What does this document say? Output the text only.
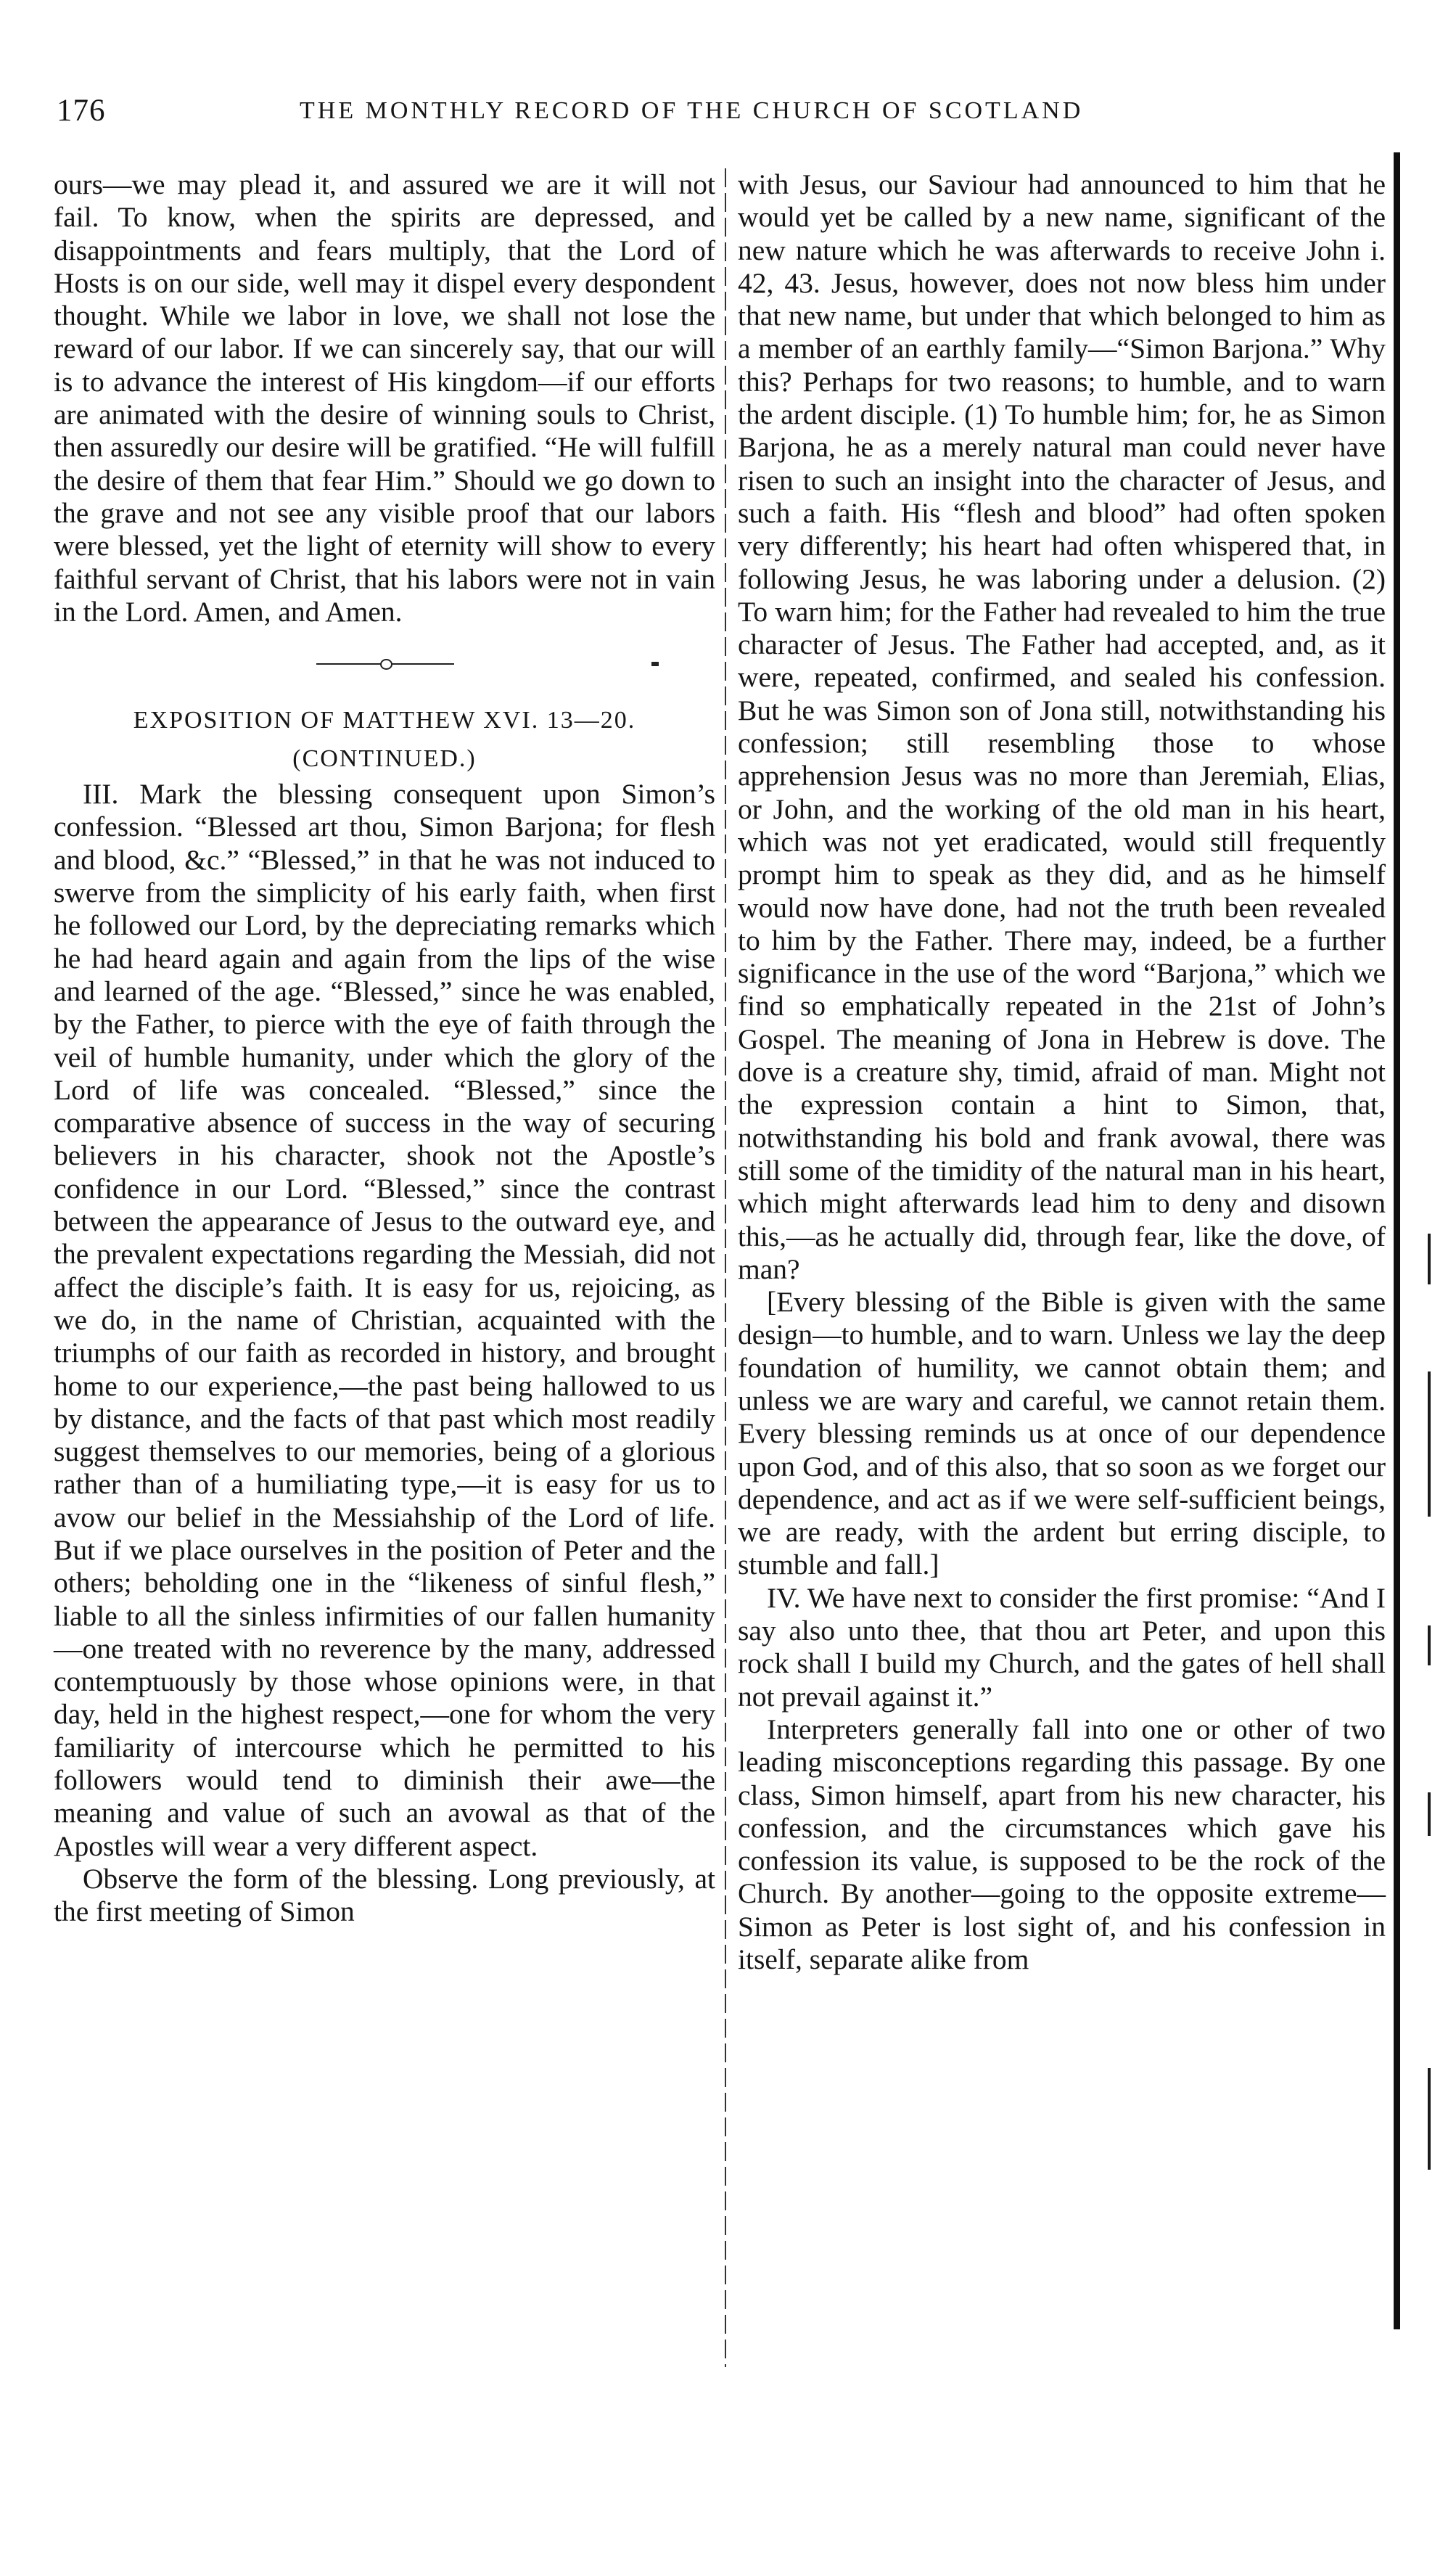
176	THE MONTHLY RECORD OF THE CHURCH OF SCOTLAND

ours—we may plead it, and assured we are it will not fail. To know, when the spirits are depressed, and disappointments and fears multiply, that the Lord of Hosts is on our side, well may it dispel every despondent thought. While we labor in love, we shall not lose the reward of our labor. If we can sincerely say, that our will is to advance the interest of His kingdom—if our efforts are animated with the desire of winning souls to Christ, then assuredly our desire will be gratified. “He will fulfill the desire of them that fear Him.” Should we go down to the grave and not see any visible proof that our labors were blessed, yet the light of eternity will show to every faithful servant of Christ, that his labors were not in vain in the Lord. Amen, and Amen.

EXPOSITION OF MATTHEW XVI. 13—20.
(CONTINUED.)

III. Mark the blessing consequent upon Simon’s confession. “Blessed art thou, Simon Barjona; for flesh and blood, &c.” “Blessed,” in that he was not induced to swerve from the simplicity of his early faith, when first he followed our Lord, by the depreciating remarks which he had heard again and again from the lips of the wise and learned of the age. “Blessed,” since he was enabled, by the Father, to pierce with the eye of faith through the veil of humble humanity, under which the glory of the Lord of life was concealed. “Blessed,” since the comparative absence of success in the way of securing believers in his character, shook not the Apostle’s confidence in our Lord. “Blessed,” since the contrast between the appearance of Jesus to the outward eye, and the prevalent expectations regarding the Messiah, did not affect the disciple’s faith. It is easy for us, rejoicing, as we do, in the name of Christian, acquainted with the triumphs of our faith as recorded in history, and brought home to our experience,—the past being hallowed to us by distance, and the facts of that past which most readily suggest themselves to our memories, being of a glorious rather than of a humiliating type,—it is easy for us to avow our belief in the Messiahship of the Lord of life. But if we place ourselves in the position of Peter and the others; beholding one in the “likeness of sinful flesh,” liable to all the sinless infirmities of our fallen humanity—one treated with no reverence by the many, addressed contemptuously by those whose opinions were, in that day, held in the highest respect,—one for whom the very familiarity of intercourse which he permitted to his followers would tend to diminish their awe—the meaning and value of such an avowal as that of the Apostles will wear a very different aspect.

Observe the form of the blessing. Long previously, at the first meeting of Simon

with Jesus, our Saviour had announced to him that he would yet be called by a new name, significant of the new nature which he was afterwards to receive John i. 42, 43. Jesus, however, does not now bless him under that new name, but under that which belonged to him as a member of an earthly family—“Simon Barjona.” Why this? Perhaps for two reasons; to humble, and to warn the ardent disciple. (1) To humble him; for, he as Simon Barjona, he as a merely natural man could never have risen to such an insight into the character of Jesus, and such a faith. His “flesh and blood” had often spoken very differently; his heart had often whispered that, in following Jesus, he was laboring under a delusion. (2) To warn him; for the Father had revealed to him the true character of Jesus. The Father had accepted, and, as it were, repeated, confirmed, and sealed his confession. But he was Simon son of Jona still, notwithstanding his confession; still resembling those to whose apprehension Jesus was no more than Jeremiah, Elias, or John, and the working of the old man in his heart, which was not yet eradicated, would still frequently prompt him to speak as they did, and as he himself would now have done, had not the truth been revealed to him by the Father. There may, indeed, be a further significance in the use of the word “Barjona,” which we find so emphatically repeated in the 21st of John’s Gospel. The meaning of Jona in Hebrew is dove. The dove is a creature shy, timid, afraid of man. Might not the expression contain a hint to Simon, that, notwithstanding his bold and frank avowal, there was still some of the timidity of the natural man in his heart, which might afterwards lead him to deny and disown this,—as he actually did, through fear, like the dove, of man?

[Every blessing of the Bible is given with the same design—to humble, and to warn. Unless we lay the deep foundation of humility, we cannot obtain them; and unless we are wary and careful, we cannot retain them. Every blessing reminds us at once of our dependence upon God, and of this also, that so soon as we forget our dependence, and act as if we were self-sufficient beings, we are ready, with the ardent but erring disciple, to stumble and fall.]

IV. We have next to consider the first promise: “And I say also unto thee, that thou art Peter, and upon this rock shall I build my Church, and the gates of hell shall not prevail against it.”

Interpreters generally fall into one or other of two leading misconceptions regarding this passage. By one class, Simon himself, apart from his new character, his confession, and the circumstances which gave his confession its value, is supposed to be the rock of the Church. By another—going to the opposite extreme—Simon as Peter is lost sight of, and his confession in itself, separate alike from
